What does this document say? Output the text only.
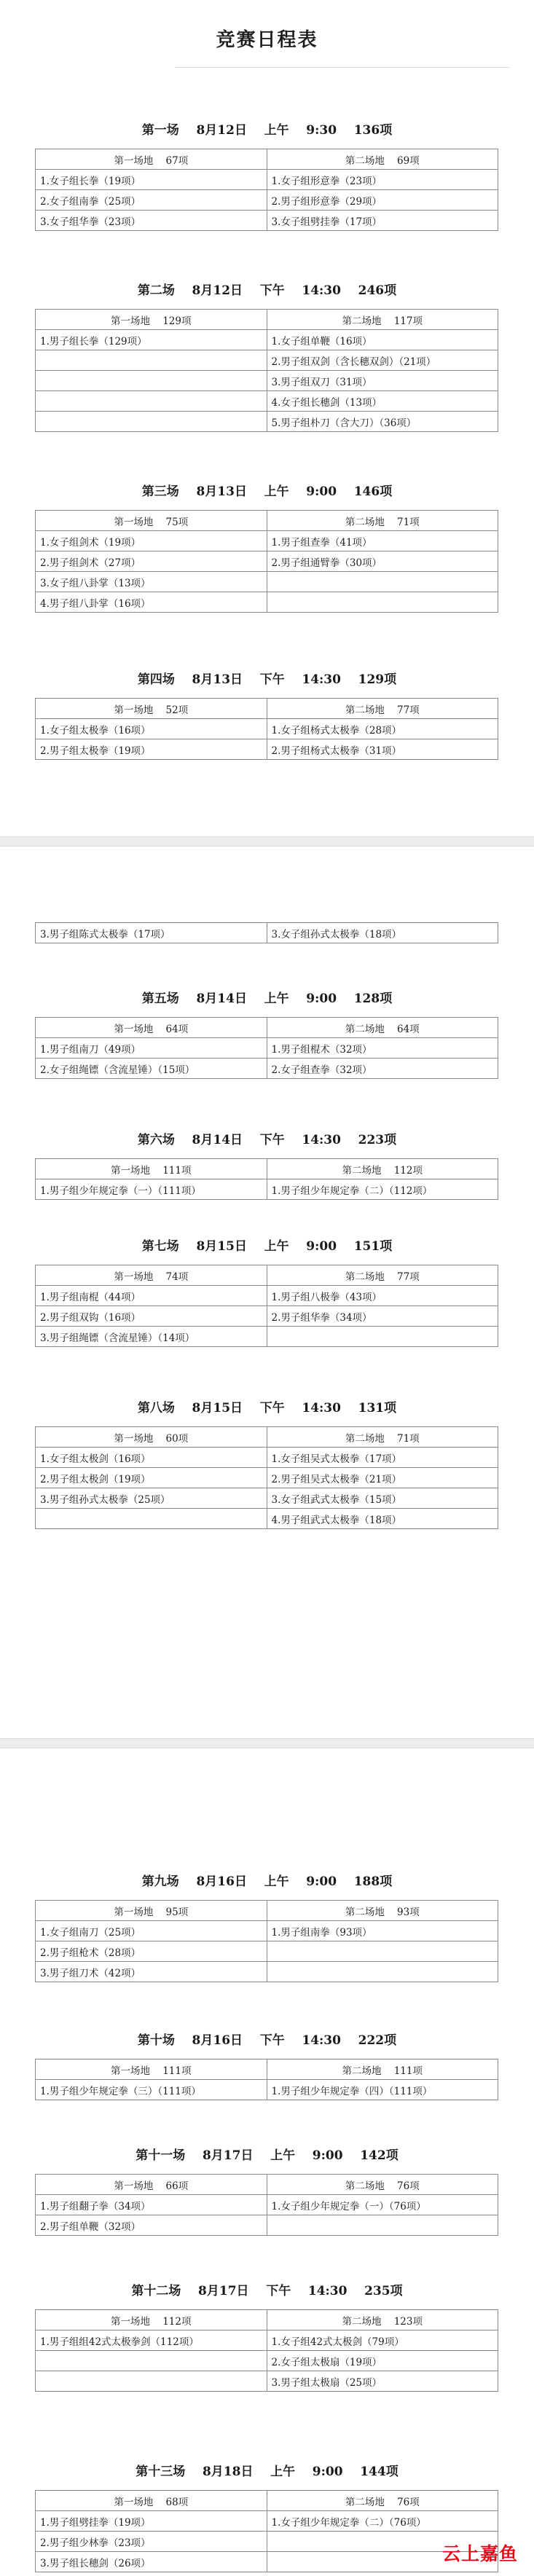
竞赛日程表
第一场    8月12日    上午    9:30    136项
第一场地    67项	第二场地    69项
1.女子组长拳（19项）	1.女子组形意拳（23项）
2.女子组南拳（25项）	2.男子组形意拳（29项）
3.女子组华拳（23项）	3.女子组劈挂拳（17项）
第二场    8月12日    下午    14:30    246项
第一场地    129项	第二场地    117项
1.男子组长拳（129项）	1.女子组单鞭（16项）
	2.男子组双剑（含长穗双剑）（21项）
	3.男子组双刀（31项）
	4.女子组长穗剑（13项）
	5.男子组朴刀（含大刀）（36项）
第三场    8月13日    上午    9:00    146项
第一场地    75项	第二场地    71项
1.女子组剑术（19项）	1.男子组查拳（41项）
2.男子组剑术（27项）	2.男子组通臂拳（30项）
3.女子组八卦掌（13项）	
4.男子组八卦掌（16项）	
第四场    8月13日    下午    14:30    129项
第一场地    52项	第二场地    77项
1.女子组太极拳（16项）	1.女子组杨式太极拳（28项）
2.男子组太极拳（19项）	2.男子组杨式太极拳（31项）
3.男子组陈式太极拳（17项）	3.女子组孙式太极拳（18项）
第五场    8月14日    上午    9:00    128项
第一场地    64项	第二场地    64项
1.男子组南刀（49项）	1.男子组棍术（32项）
2.女子组绳镖（含流星锤）（15项）	2.女子组查拳（32项）
第六场    8月14日    下午    14:30    223项
第一场地    111项	第二场地    112项
1.男子组少年规定拳（一）（111项）	1.男子组少年规定拳（二）（112项）
第七场    8月15日    上午    9:00    151项
第一场地    74项	第二场地    77项
1.男子组南棍（44项）	1.男子组八极拳（43项）
2.男子组双钩（16项）	2.男子组华拳（34项）
3.男子组绳镖（含流星锤）（14项）	
第八场    8月15日    下午    14:30    131项
第一场地    60项	第二场地    71项
1.女子组太极剑（16项）	1.女子组吴式太极拳（17项）
2.男子组太极剑（19项）	2.男子组吴式太极拳（21项）
3.男子组孙式太极拳（25项）	3.女子组武式太极拳（15项）
	4.男子组武式太极拳（18项）
第九场    8月16日    上午    9:00    188项
第一场地    95项	第二场地    93项
1.女子组南刀（25项）	1.男子组南拳（93项）
2.男子组枪术（28项）	
3.男子组刀术（42项）	
第十场    8月16日    下午    14:30    222项
第一场地    111项	第二场地    111项
1.男子组少年规定拳（三）（111项）	1.男子组少年规定拳（四）（111项）
第十一场    8月17日    上午    9:00    142项
第一场地    66项	第二场地    76项
1.男子组翻子拳（34项）	1.女子组少年规定拳（一）（76项）
2.男子组单鞭（32项）	
第十二场    8月17日    下午    14:30    235项
第一场地    112项	第二场地    123项
1.男子组组42式太极拳剑（112项）	1.女子组42式太极剑（79项）
	2.女子组太极扇（19项）
	3.男子组太极扇（25项）
第十三场    8月18日    上午    9:00    144项
第一场地    68项	第二场地    76项
1.男子组劈挂拳（19项）	1.女子组少年规定拳（二）（76项）
2.男子组少林拳（23项）	
3.男子组长穗剑（26项）		云上嘉鱼
